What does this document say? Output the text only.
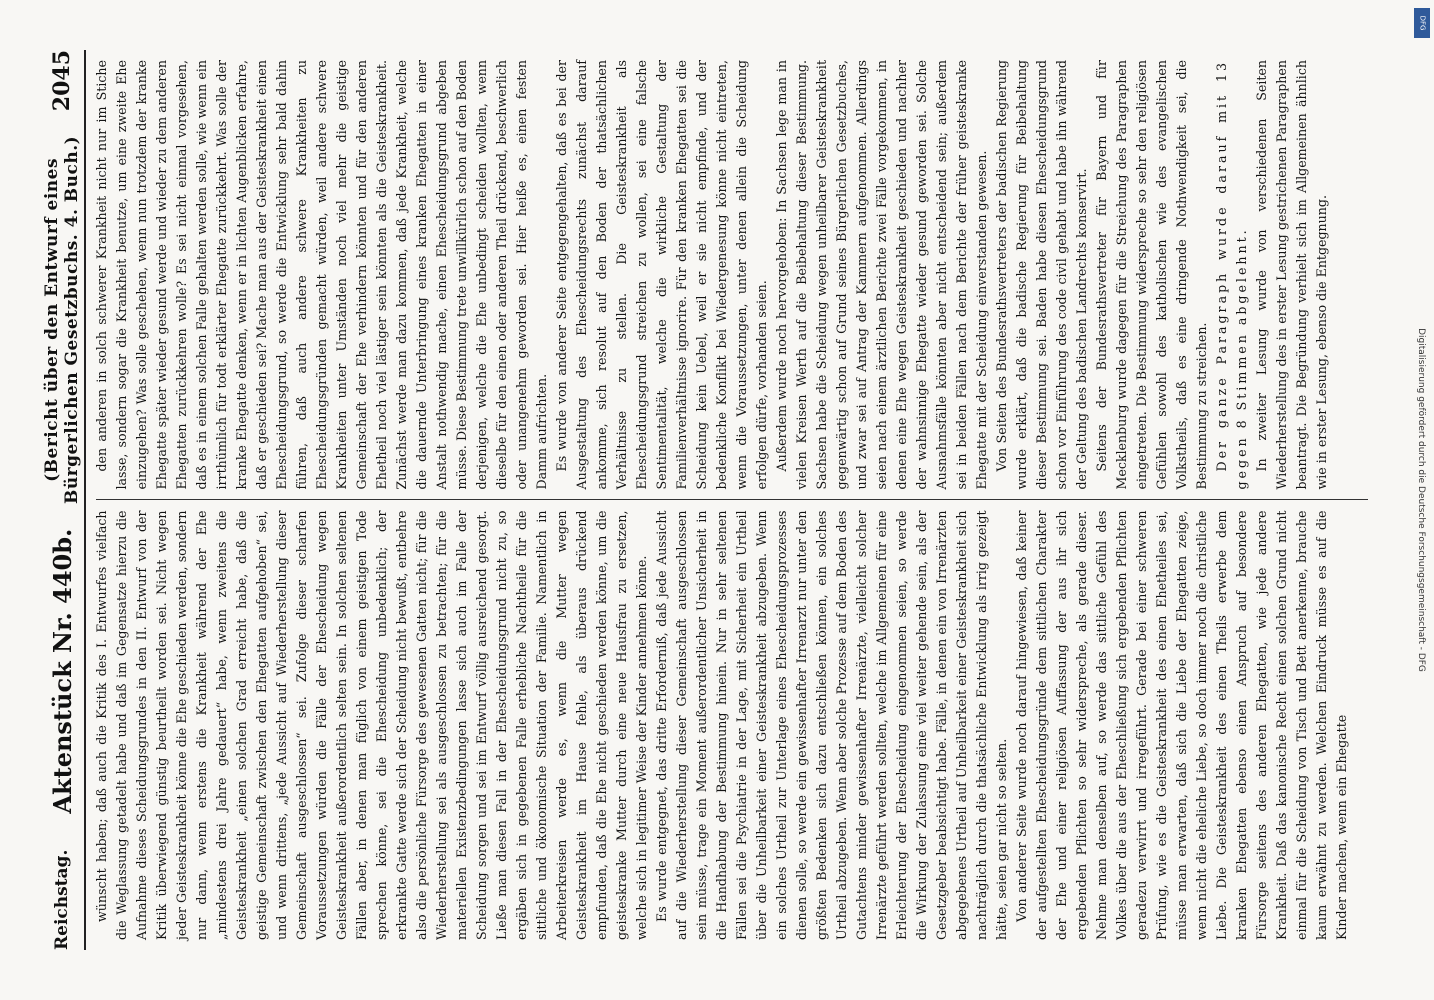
Reichstag.
Aktenstück Nr. 440b.
(Bericht über den Entwurf eines Bürgerlichen Gesetzbuchs. 4. Buch.)
2045

wünscht haben; daß auch die Kritik des I. Entwurfes vielfach die Weglassung getadelt habe und daß im Gegensatze hierzu die Aufnahme dieses Scheidungsgrundes in den II. Entwurf von der Kritik überwiegend günstig beurtheilt worden sei. Nicht wegen jeder Geisteskrankheit könne die Ehe geschieden werden, sondern nur dann, wenn erstens die Krankheit während der Ehe „mindestens drei Jahre gedauert“ habe, wenn zweitens die Geisteskrankheit „einen solchen Grad erreicht habe, daß die geistige Gemeinschaft zwischen den Ehegatten aufgehoben“ sei, und wenn drittens, „jede Aussicht auf Wiederherstellung dieser Gemeinschaft ausgeschlossen“ sei. Zufolge dieser scharfen Voraussetzungen würden die Fälle der Ehescheidung wegen Geisteskrankheit außerordentlich selten sein. In solchen seltenen Fällen aber, in denen man füglich von einem geistigen Tode sprechen könne, sei die Ehescheidung unbedenklich; der erkrankte Gatte werde sich der Scheidung nicht bewußt, entbehre also die persönliche Fürsorge des gewesenen Gatten nicht; für die Wiederherstellung sei als ausgeschlossen zu betrachten; für die materiellen Existenzbedingungen lasse sich auch im Falle der Scheidung sorgen und sei im Entwurf völlig ausreichend gesorgt. Ließe man diesen Fall in der Ehescheidungsgrund nicht zu, so ergäben sich in gegebenen Falle erhebliche Nachtheile für die sittliche und ökonomische Situation der Familie. Namentlich in Arbeiterkreisen werde es, wenn die Mutter wegen Geisteskrankheit im Hause fehle, als überaus drückend empfunden, daß die Ehe nicht geschieden werden könne, um die geisteskranke Mutter durch eine neue Hausfrau zu ersetzen, welche sich in legitimer Weise der Kinder annehmen könne. Es wurde entgegnet, das dritte Erforderniß, daß jede Aussicht auf die Wiederherstellung dieser Gemeinschaft ausgeschlossen sein müsse, trage ein Moment außerordentlicher Unsicherheit in die Handhabung der Bestimmung hinein. Nur in sehr seltenen Fällen sei die Psychiatrie in der Lage, mit Sicherheit ein Urtheil über die Unheilbarkeit einer Geisteskrankheit abzugeben. Wenn ein solches Urtheil zur Unterlage eines Ehescheidungsprozesses dienen solle, so werde ein gewissenhafter Irrenarzt nur unter den größten Bedenken sich dazu entschließen können, ein solches Urtheil abzugeben. Wenn aber solche Prozesse auf dem Boden des Gutachtens minder gewissenhafter Irrenärzte, vielleicht solcher Irrenärzte geführt werden sollten, welche im Allgemeinen für eine Erleichterung der Ehescheidung eingenommen seien, so werde die Wirkung der Zulassung eine viel weiter gehende sein, als der Gesetzgeber beabsichtigt habe. Fälle, in denen ein von Irrenärzten abgegebenes Urtheil auf Unheilbarkeit einer Geisteskrankheit sich nachträglich durch die thatsächliche Entwicklung als irrig gezeigt hätte, seien gar nicht so selten. Von anderer Seite wurde noch darauf hingewiesen, daß keiner der aufgestellten Ehescheidungsgründe dem sittlichen Charakter der Ehe und einer religiösen Auffassung der aus ihr sich ergebenden Pflichten so sehr widerspreche, als gerade dieser. Nehme man denselben auf, so werde das sittliche Gefühl des Volkes über die aus der Eheschließung sich ergebenden Pflichten geradezu verwirrt und irregeführt. Gerade bei einer schweren Prüfung, wie es die Geisteskrankheit des einen Ehetheiles sei, müsse man erwarten, daß sich die Liebe der Ehegatten zeige, wenn nicht die eheliche Liebe, so doch immer noch die christliche Liebe. Die Geisteskrankheit des einen Theils erwerbe dem kranken Ehegatten ebenso einen Anspruch auf besondere Fürsorge seitens des anderen Ehegatten, wie jede andere Krankheit. Daß das kanonische Recht einen solchen Grund nicht einmal für die Scheidung von Tisch und Bett anerkenne, brauche kaum erwähnt zu werden. Welchen Eindruck müsse es auf die Kinder machen, wenn ein Ehegatte

den anderen in solch schwerer Krankheit nicht nur im Stiche lasse, sondern sogar die Krankheit benutze, um eine zweite Ehe einzugehen? Was solle geschehen, wenn nun trotzdem der kranke Ehegatte später wieder gesund werde und wieder zu dem anderen Ehegatten zurückkehren wolle? Es sei nicht einmal vorgesehen, daß es in einem solchen Falle gehalten werden solle, wie wenn ein irrthümlich für todt erklärter Ehegatte zurückkehrt. Was solle der kranke Ehegatte denken, wenn er in lichten Augenblicken erfahre, daß er geschieden sei? Mache man aus der Geisteskrankheit einen Ehescheidungsgrund, so werde die Entwicklung sehr bald dahin führen, daß auch andere schwere Krankheiten zu Ehescheidungsgründen gemacht würden, weil andere schwere Krankheiten unter Umständen noch viel mehr die geistige Gemeinschaft der Ehe verhindern könnten und für den anderen Ehetheil noch viel lästiger sein könnten als die Geisteskrankheit. Zunächst werde man dazu kommen, daß jede Krankheit, welche die dauernde Unterbringung eines kranken Ehegatten in einer Anstalt nothwendig mache, einen Ehescheidungsgrund abgeben müsse. Diese Bestimmung trete unwillkürlich schon auf den Boden derjenigen, welche die Ehe unbedingt scheiden wollten, wenn dieselbe für den einen oder anderen Theil drückend, beschwerlich oder unangenehm geworden sei. Hier heiße es, einen festen Damm aufrichten. Es wurde von anderer Seite entgegengehalten, daß es bei der Ausgestaltung des Ehescheidungsrechts zunächst darauf ankomme, sich resolut auf den Boden der thatsächlichen Verhältnisse zu stellen. Die Geisteskrankheit als Ehescheidungsgrund streichen zu wollen, sei eine falsche Sentimentalität, welche die wirkliche Gestaltung der Familienverhältnisse ignorire. Für den kranken Ehegatten sei die Scheidung kein Uebel, weil er sie nicht empfinde, und der bedenkliche Konflikt bei Wiedergenesung könne nicht eintreten, wenn die Voraussetzungen, unter denen allein die Scheidung erfolgen dürfe, vorhanden seien. Außerdem wurde noch hervorgehoben: In Sachsen lege man in vielen Kreisen Werth auf die Beibehaltung dieser Bestimmung. Sachsen habe die Scheidung wegen unheilbarer Geisteskrankheit gegenwärtig schon auf Grund seines Bürgerlichen Gesetzbuches, und zwar sei auf Antrag der Kammern aufgenommen. Allerdings seien nach einem ärztlichen Berichte zwei Fälle vorgekommen, in denen eine Ehe wegen Geisteskrankheit geschieden und nachher der wahnsinnige Ehegatte wieder gesund geworden sei. Solche Ausnahmsfälle könnten aber nicht entscheidend sein; außerdem sei in beiden Fällen nach dem Berichte der früher geisteskranke Ehegatte mit der Scheidung einverstanden gewesen. Von Seiten des Bundesrathsvertreters der badischen Regierung wurde erklärt, daß die badische Regierung für Beibehaltung dieser Bestimmung sei. Baden habe diesen Ehescheidungsgrund schon vor Einführung des code civil gehabt und habe ihn während der Geltung des badischen Landrechts konservirt. Seitens der Bundesrathsvertreter für Bayern und für Mecklenburg wurde dagegen für die Streichung des Paragraphen eingetreten. Die Bestimmung widerspreche so sehr den religiösen Gefühlen sowohl des katholischen wie des evangelischen Volkstheils, daß es eine dringende Nothwendigkeit sei, die Bestimmung zu streichen. Der ganze Paragraph wurde darauf mit 13 gegen 8 Stimmen abgelehnt. In zweiter Lesung wurde von verschiedenen Seiten Wiederherstellung des in erster Lesung gestrichenen Paragraphen beantragt. Die Begründung verhielt sich im Allgemeinen ähnlich wie in erster Lesung, ebenso die Entgegnung.

DFG
Digitalisierung gefördert durch die Deutsche Forschungsgemeinschaft - DFG
